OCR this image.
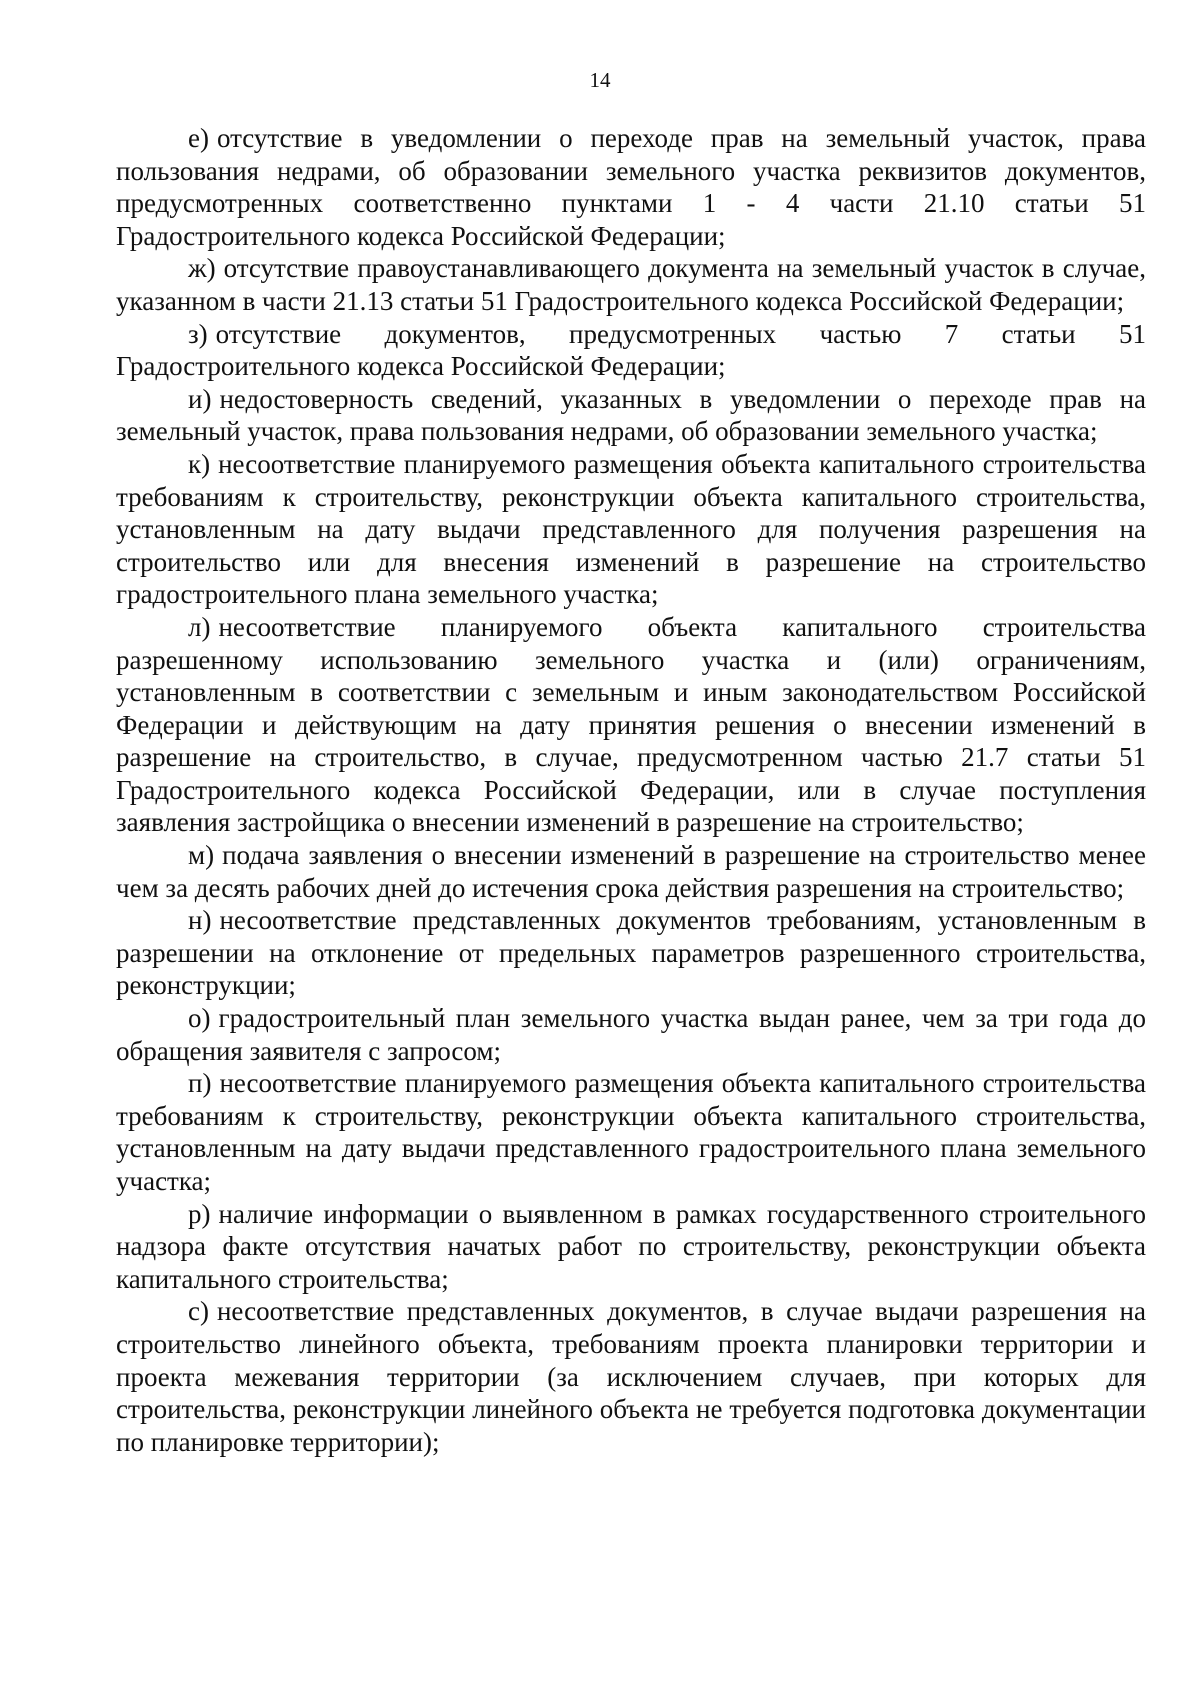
14

е) отсутствие в уведомлении о переходе прав на земельный участок, права пользования недрами, об образовании земельного участка реквизитов документов, предусмотренных соответственно пунктами 1 - 4 части 21.10 статьи 51 Градостроительного кодекса Российской Федерации;

ж) отсутствие правоустанавливающего документа на земельный участок в случае, указанном в части 21.13 статьи 51 Градостроительного кодекса Российской Федерации;

з) отсутствие документов, предусмотренных частью 7 статьи 51 Градостроительного кодекса Российской Федерации;

и) недостоверность сведений, указанных в уведомлении о переходе прав на земельный участок, права пользования недрами, об образовании земельного участка;

к) несоответствие планируемого размещения объекта капитального строительства требованиям к строительству, реконструкции объекта капитального строительства, установленным на дату выдачи представленного для получения разрешения на строительство или для внесения изменений в разрешение на строительство градостроительного плана земельного участка;

л) несоответствие планируемого объекта капитального строительства разрешенному использованию земельного участка и (или) ограничениям, установленным в соответствии с земельным и иным законодательством Российской Федерации и действующим на дату принятия решения о внесении изменений в разрешение на строительство, в случае, предусмотренном частью 21.7 статьи 51 Градостроительного кодекса Российской Федерации, или в случае поступления заявления застройщика о внесении изменений в разрешение на строительство;

м) подача заявления о внесении изменений в разрешение на строительство менее чем за десять рабочих дней до истечения срока действия разрешения на строительство;

н) несоответствие представленных документов требованиям, установленным в разрешении на отклонение от предельных параметров разрешенного строительства, реконструкции;

о) градостроительный план земельного участка выдан ранее, чем за три года до обращения заявителя с запросом;

п) несоответствие планируемого размещения объекта капитального строительства требованиям к строительству, реконструкции объекта капитального строительства, установленным на дату выдачи представленного градостроительного плана земельного участка;

р) наличие информации о выявленном в рамках государственного строительного надзора факте отсутствия начатых работ по строительству, реконструкции объекта капитального строительства;

с) несоответствие представленных документов, в случае выдачи разрешения на строительство линейного объекта, требованиям проекта планировки территории и проекта межевания территории (за исключением случаев, при которых для строительства, реконструкции линейного объекта не требуется подготовка документации по планировке территории);
